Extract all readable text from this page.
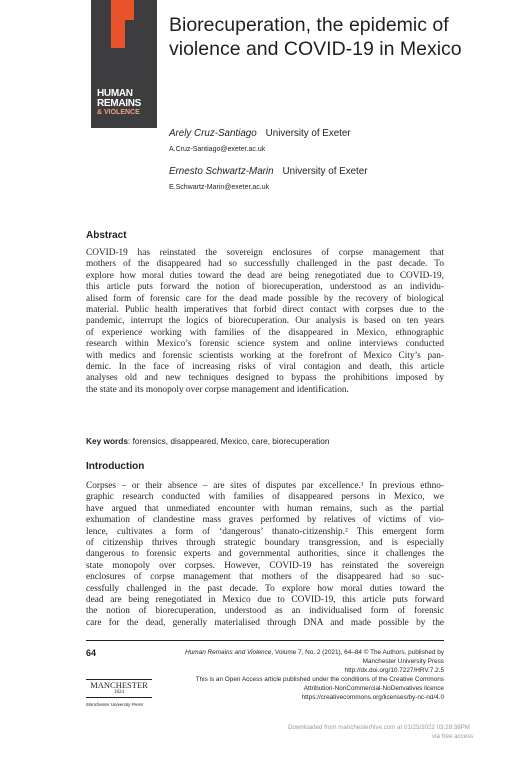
HUMAN
REMAINS
& VIOLENCE
Biorecuperation, the epidemic of
violence and COVID-19 in Mexico
Arely Cruz-Santiago University of Exeter
A.Cruz-Santiago@exeter.ac.uk
Ernesto Schwartz-Marin University of Exeter
E.Schwartz-Marin@exeter.ac.uk
Abstract
COVID-19 has reinstated the sovereign enclosures of corpse management that
mothers of the disappeared had so successfully challenged in the past decade. To
explore how moral duties toward the dead are being renegotiated due to COVID-19,
this article puts forward the notion of biorecuperation, understood as an individu-
alised form of forensic care for the dead made possible by the recovery of biological
material. Public health imperatives that forbid direct contact with corpses due to the
pandemic, interrupt the logics of biorecuperation. Our analysis is based on ten years
of experience working with families of the disappeared in Mexico, ethnographic
research within Mexico’s forensic science system and online interviews conducted
with medics and forensic scientists working at the forefront of Mexico City’s pan-
demic. In the face of increasing risks of viral contagion and death, this article
analyses old and new techniques designed to bypass the prohibitions imposed by
the state and its monopoly over corpse management and identification.
Key words: forensics, disappeared, Mexico, care, biorecuperation
Introduction
Corpses – or their absence – are sites of disputes par excellence.¹ In previous ethno-
graphic research conducted with families of disappeared persons in Mexico, we
have argued that unmediated encounter with human remains, such as the partial
exhumation of clandestine mass graves performed by relatives of victims of vio-
lence, cultivates a form of ‘dangerous’ thanato-citizenship.² This emergent form
of citizenship thrives through strategic boundary transgression, and is especially
dangerous to forensic experts and governmental authorities, since it challenges the
state monopoly over corpses. However, COVID-19 has reinstated the sovereign
enclosures of corpse management that mothers of the disappeared had so suc-
cessfully challenged in the past decade. To explore how moral duties toward the
dead are being renegotiated in Mexico due to COVID-19, this article puts forward
the notion of biorecuperation, understood as an individualised form of forensic
care for the dead, generally materialised through DNA and made possible by the
64	Human Remains and Violence, Volume 7, No. 2 (2021), 64–84 © The Authors, published by
Manchester University Press
http://dx.doi.org/10.7227/HRV.7.2.5
This is an Open Access article published under the conditions of the Creative Commons
Attribution-NonCommercial-NoDerivatives licence
https://creativecommons.org/licenses/by-nc-nd/4.0
MANCHESTER
1824
Manchester University Press
Downloaded from manchesterhive.com at 01/25/2022 03:28:38PM
via free access
